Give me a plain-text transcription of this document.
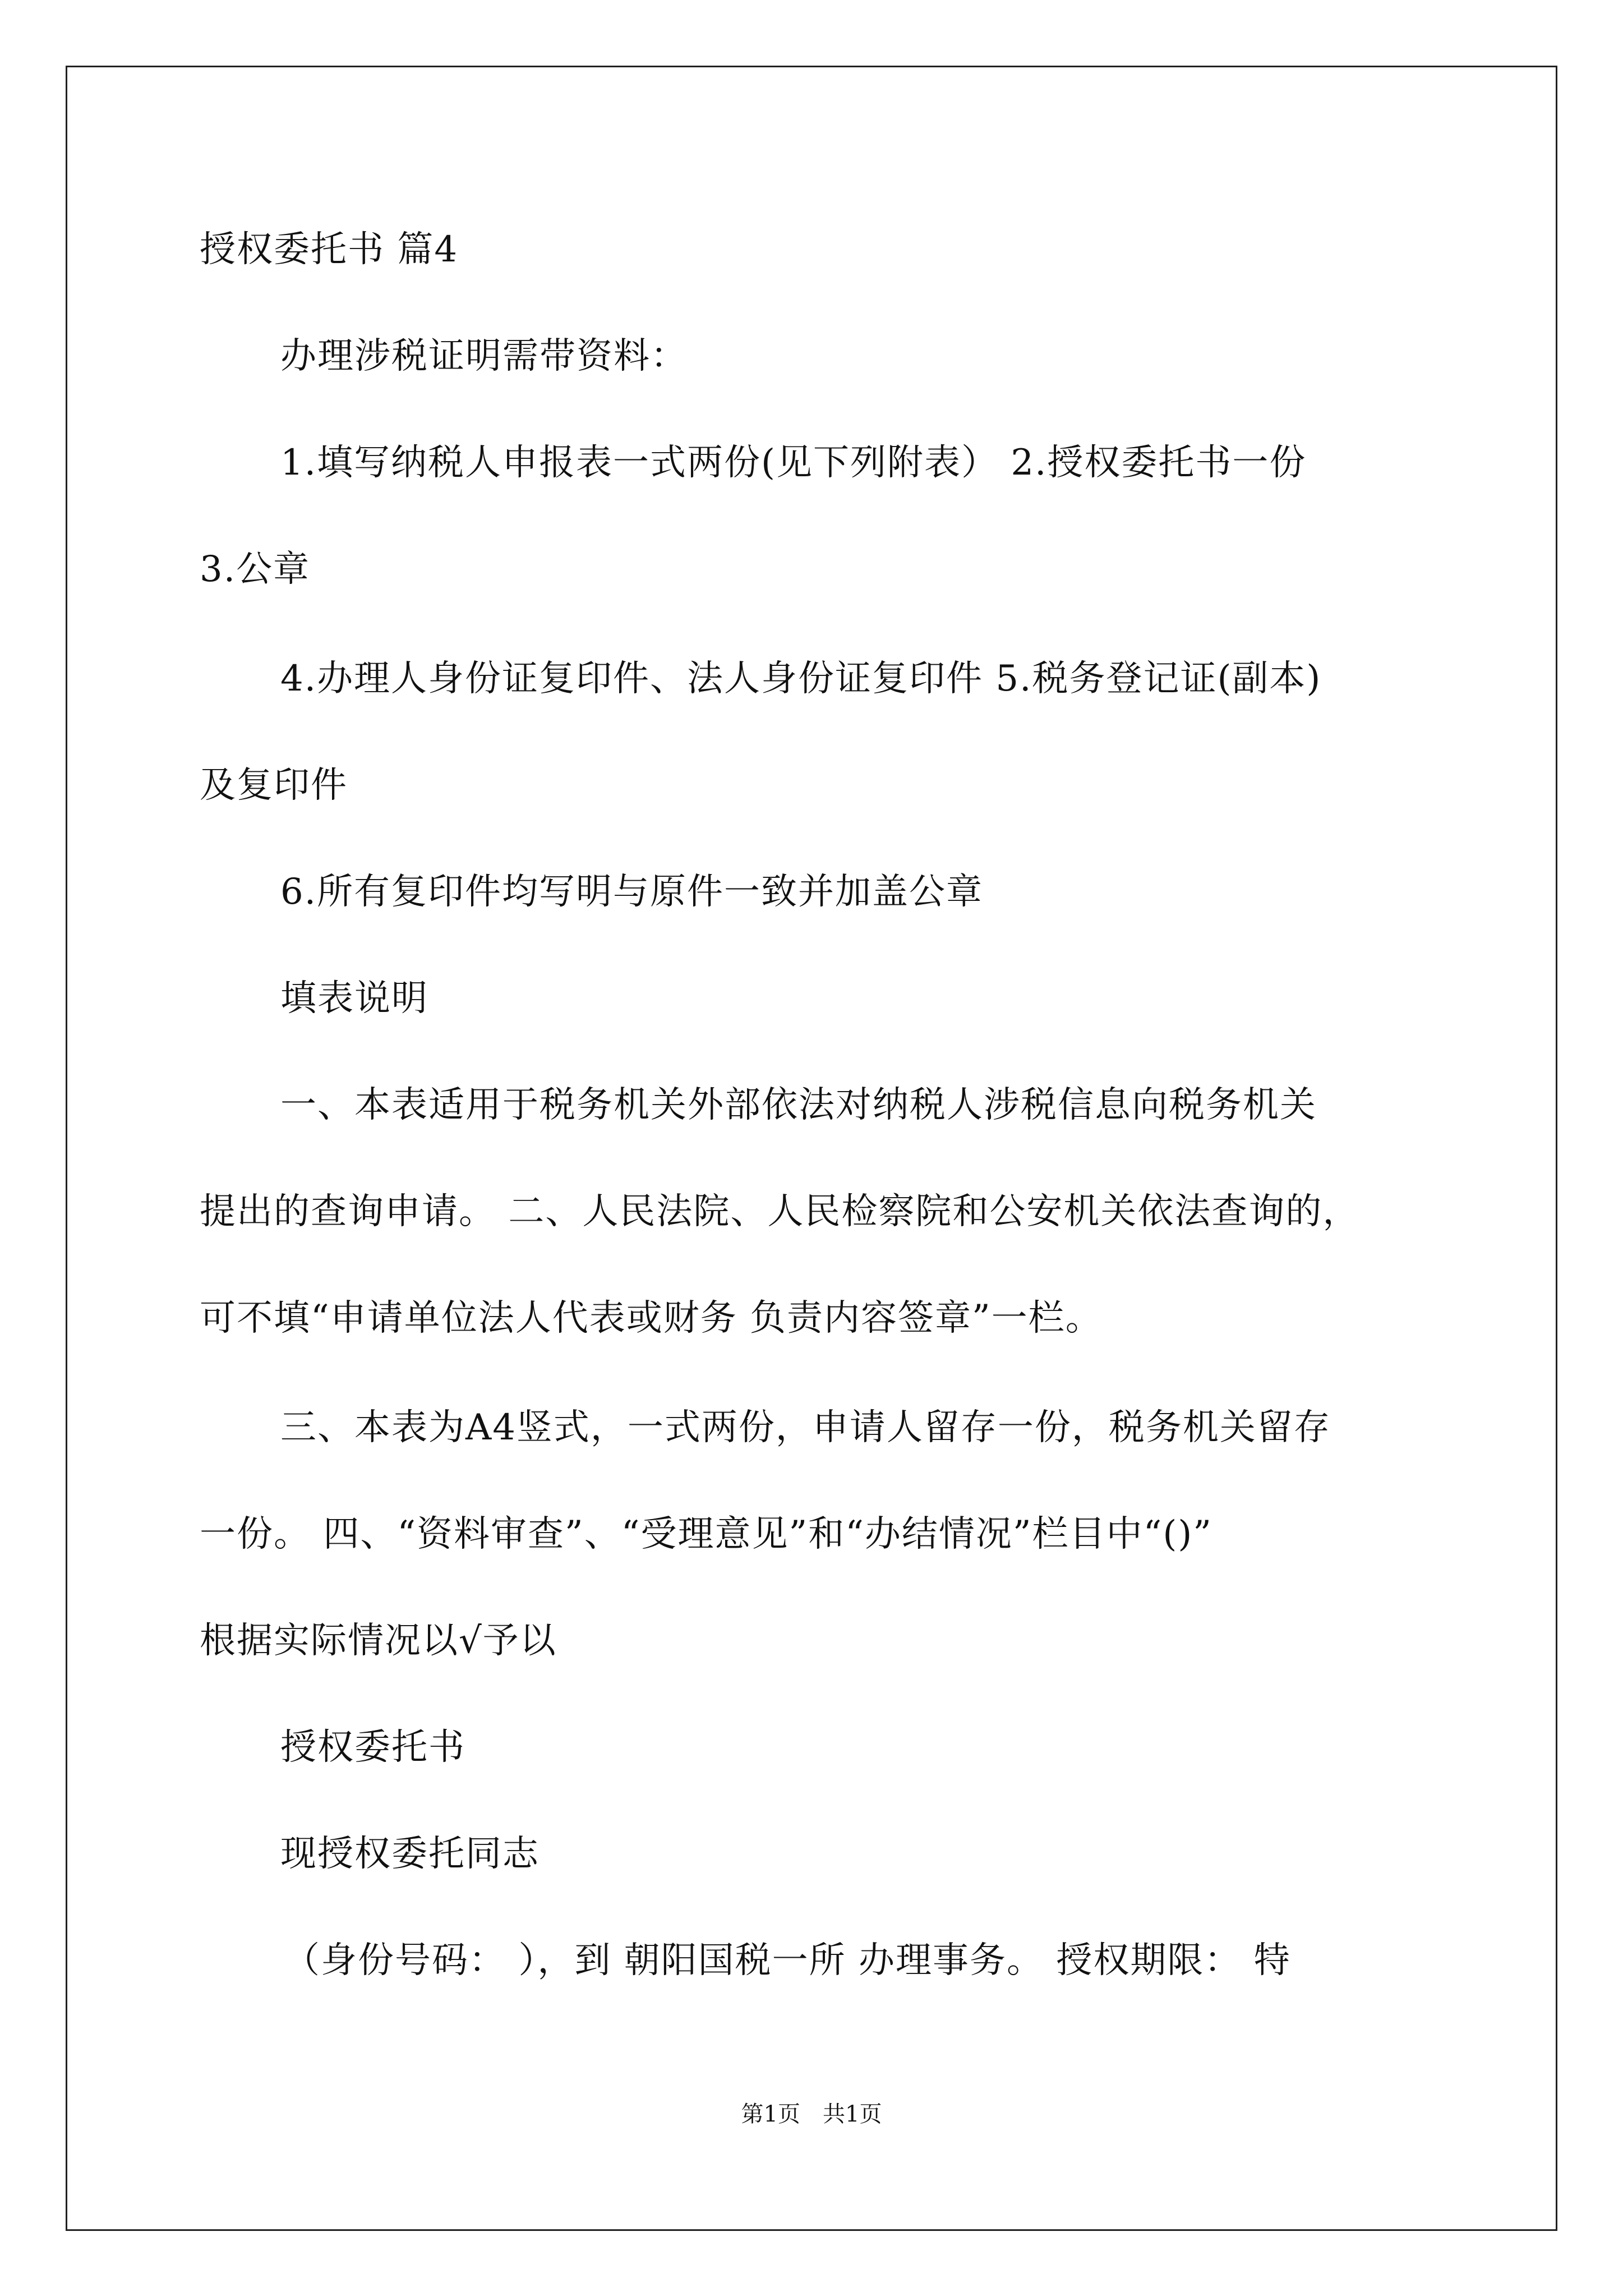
授权委托书 篇4
办理涉税证明需带资料：
1.填写纳税人申报表一式两份(见下列附表） 2.授权委托书一份
3.公章
4.办理人身份证复印件、法人身份证复印件 5.税务登记证(副本)
及复印件
6.所有复印件均写明与原件一致并加盖公章
填表说明
一、本表适用于税务机关外部依法对纳税人涉税信息向税务机关
提出的查询申请。 二、人民法院、人民检察院和公安机关依法查询的，
可不填“申请单位法人代表或财务 负责内容签章”一栏。
三、本表为A4竖式，一式两份，申请人留存一份，税务机关留存
一份。 四、“资料审查”、“受理意见”和“办结情况”栏目中“()”
根据实际情况以√予以
授权委托书
现授权委托同志
（身份号码： ），到 朝阳国税一所 办理事务。 授权期限： 特
第1页　共1页
